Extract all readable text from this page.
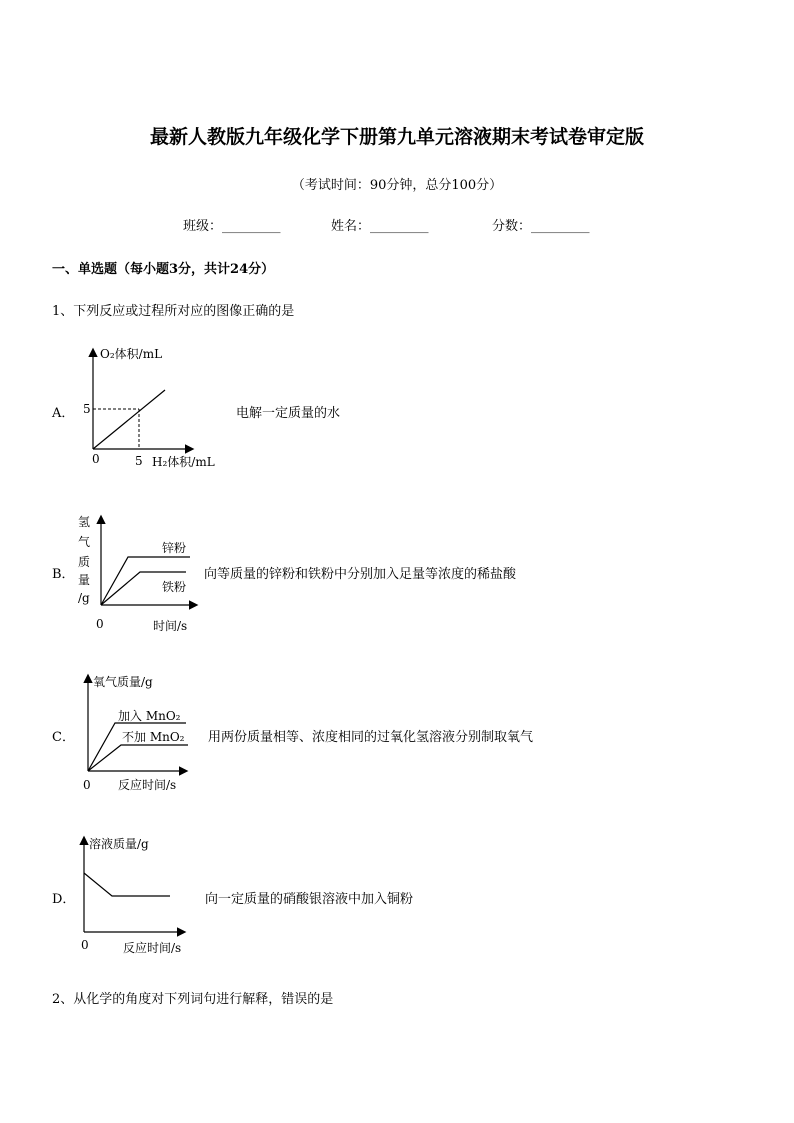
最新人教版九年级化学下册第九单元溶液期末考试卷审定版
（考试时间：90分钟，总分100分）
班级：_________	姓名：_________	分数：_________
一、单选题（每小题3分，共计24分）
1、下列反应或过程所对应的图像正确的是
A．
O₂体积/mL
H₂体积/mL
0	5
5	电解一定质量的水
B．
氢
气
质
量
/g
锌粉
铁粉
0	时间/s
向等质量的锌粉和铁粉中分别加入足量等浓度的稀盐酸
C．
氧气质量/g
加入 MnO₂
不加 MnO₂
0 反应时间/s
用两份质量相等、浓度相同的过氧化氢溶液分别制取氧气
D．
溶液质量/g
0	反应时间/s
向一定质量的硝酸银溶液中加入铜粉
2、从化学的角度对下列词句进行解释，错误的是
